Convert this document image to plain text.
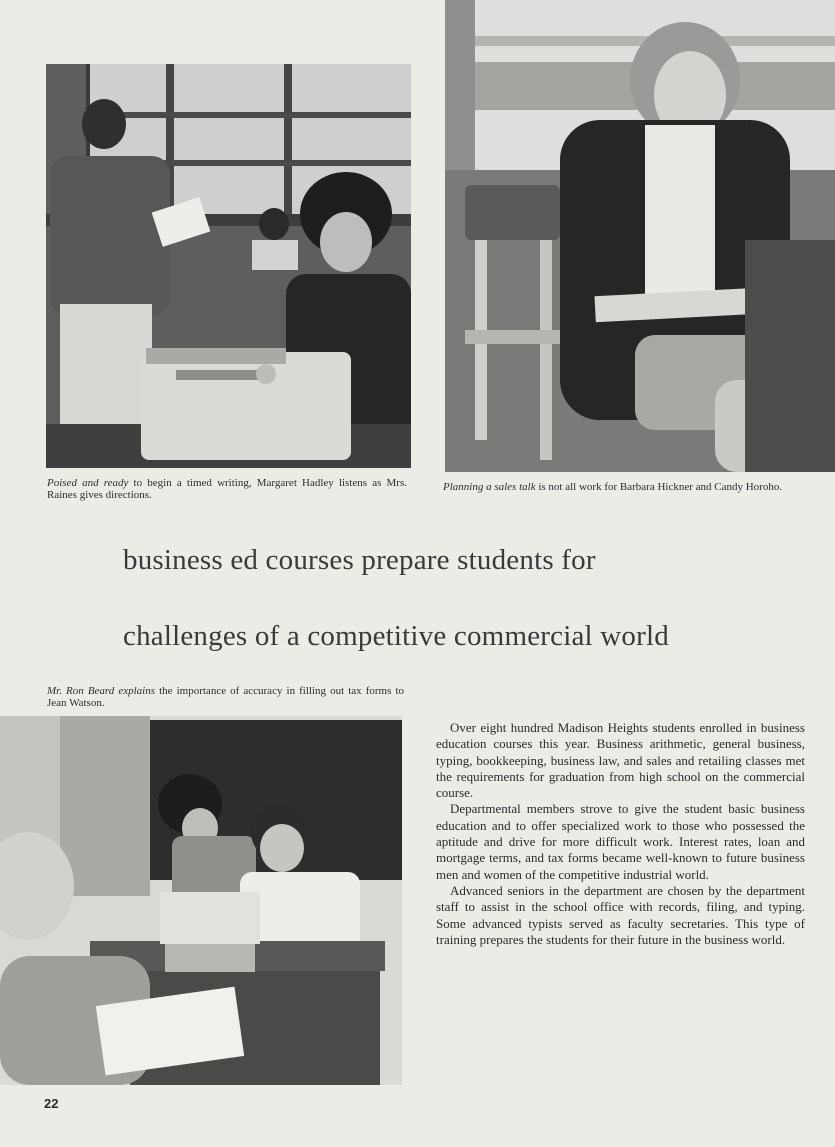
Poised and ready to begin a timed writing, Margaret Hadley listens as Mrs. Raines gives directions.
Planning a sales talk is not all work for Barbara Hickner and Candy Horoho.
business ed courses prepare students for
challenges of a competitive commercial world
Mr. Ron Beard explains the importance of accuracy in filling out tax forms to Jean Watson.

Over eight hundred Madison Heights students enrolled in business education courses this year. Business arithmetic, general business, typing, bookkeeping, business law, and sales and retailing classes met the requirements for graduation from high school on the commercial course.

Departmental members strove to give the student basic business education and to offer specialized work to those who possessed the aptitude and drive for more difficult work. Interest rates, loan and mortgage terms, and tax forms became well-known to future business men and women of the competitive industrial world.

Advanced seniors in the department are chosen by the department staff to assist in the school office with records, filing, and typing. Some advanced typists served as faculty secretaries. This type of training prepares the students for their future in the business world.

22
